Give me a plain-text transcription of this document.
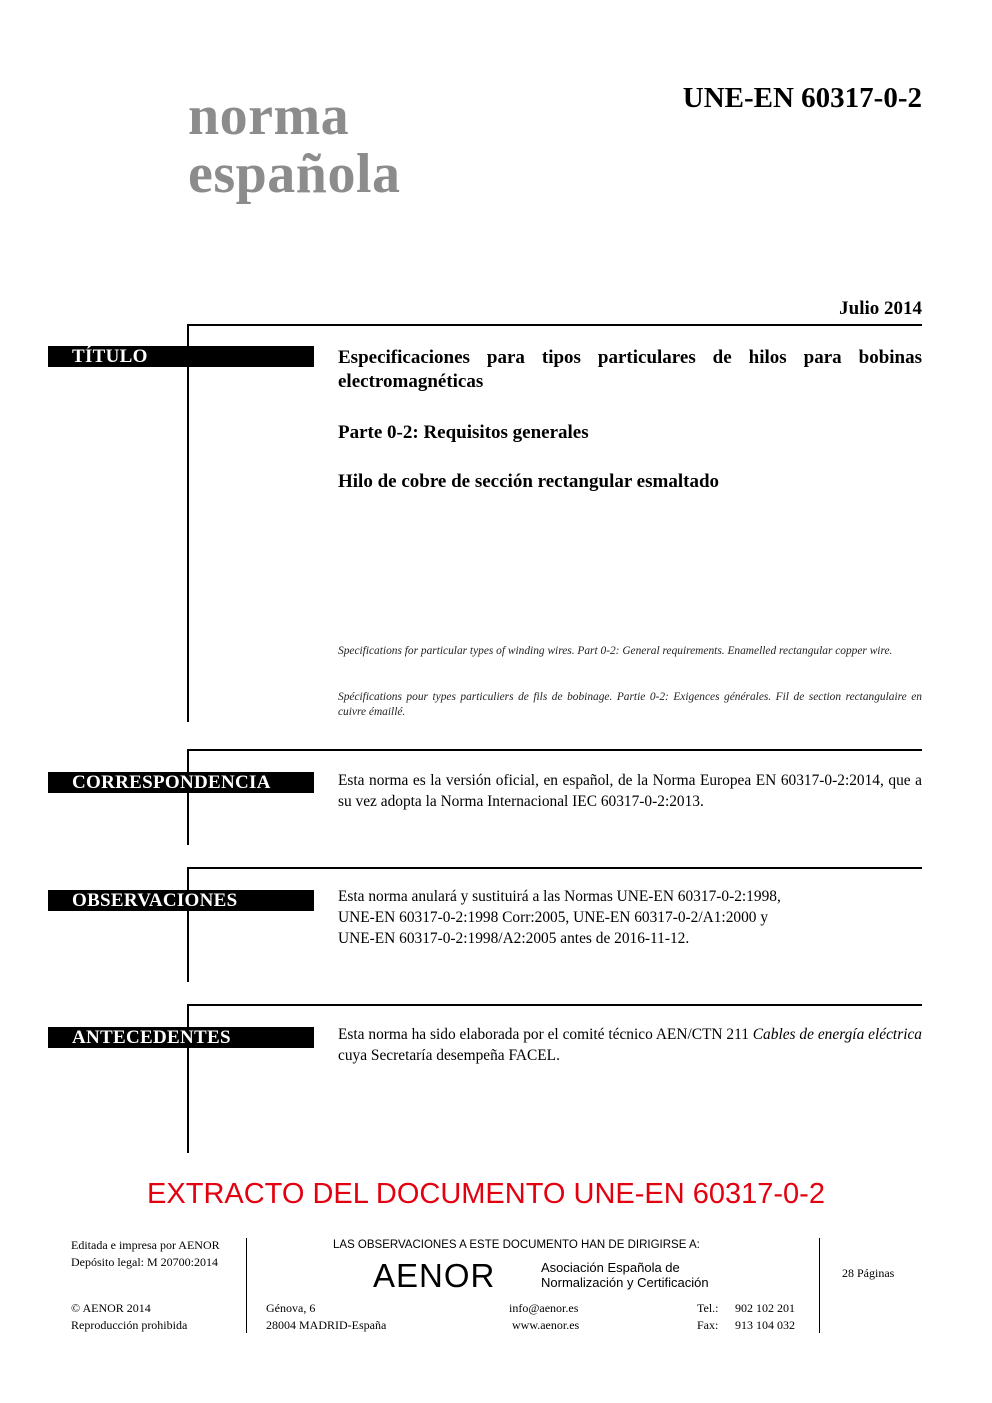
norma
española
UNE-EN 60317-0-2
Julio 2014
TÍTULO	Especificaciones para tipos particulares de hilos para bobinas electromagnéticas
Parte 0-2: Requisitos generales
Hilo de cobre de sección rectangular esmaltado
Specifications for particular types of winding wires. Part 0-2: General requirements. Enamelled rectangular copper wire.
Spécifications pour types particuliers de fils de bobinage. Partie 0-2: Exigences générales. Fil de section rectangulaire en cuivre émaillé.
CORRESPONDENCIA	Esta norma es la versión oficial, en español, de la Norma Europea EN 60317-0-2:2014, que a su vez adopta la Norma Internacional IEC 60317-0-2:2013.
OBSERVACIONES	Esta norma anulará y sustituirá a las Normas UNE-EN 60317-0-2:1998,
UNE-EN 60317-0-2:1998 Corr:2005, UNE-EN 60317-0-2/A1:2000 y
UNE-EN 60317-0-2:1998/A2:2005 antes de 2016-11-12.
ANTECEDENTES	Esta norma ha sido elaborada por el comité técnico AEN/CTN 211 Cables de energía eléctrica cuya Secretaría desempeña FACEL.
EXTRACTO DEL DOCUMENTO UNE-EN 60317-0-2
Editada e impresa por AENOR
Depósito legal: M 20700:2014
© AENOR 2014
Reproducción prohibida
LAS OBSERVACIONES A ESTE DOCUMENTO HAN DE DIRIGIRSE A:
AENOR	Asociación Española de
Normalización y Certificación
Génova, 6
28004 MADRID-España
info@aenor.es
www.aenor.es
Tel.: 902 102 201
Fax: 913 104 032
28 Páginas
